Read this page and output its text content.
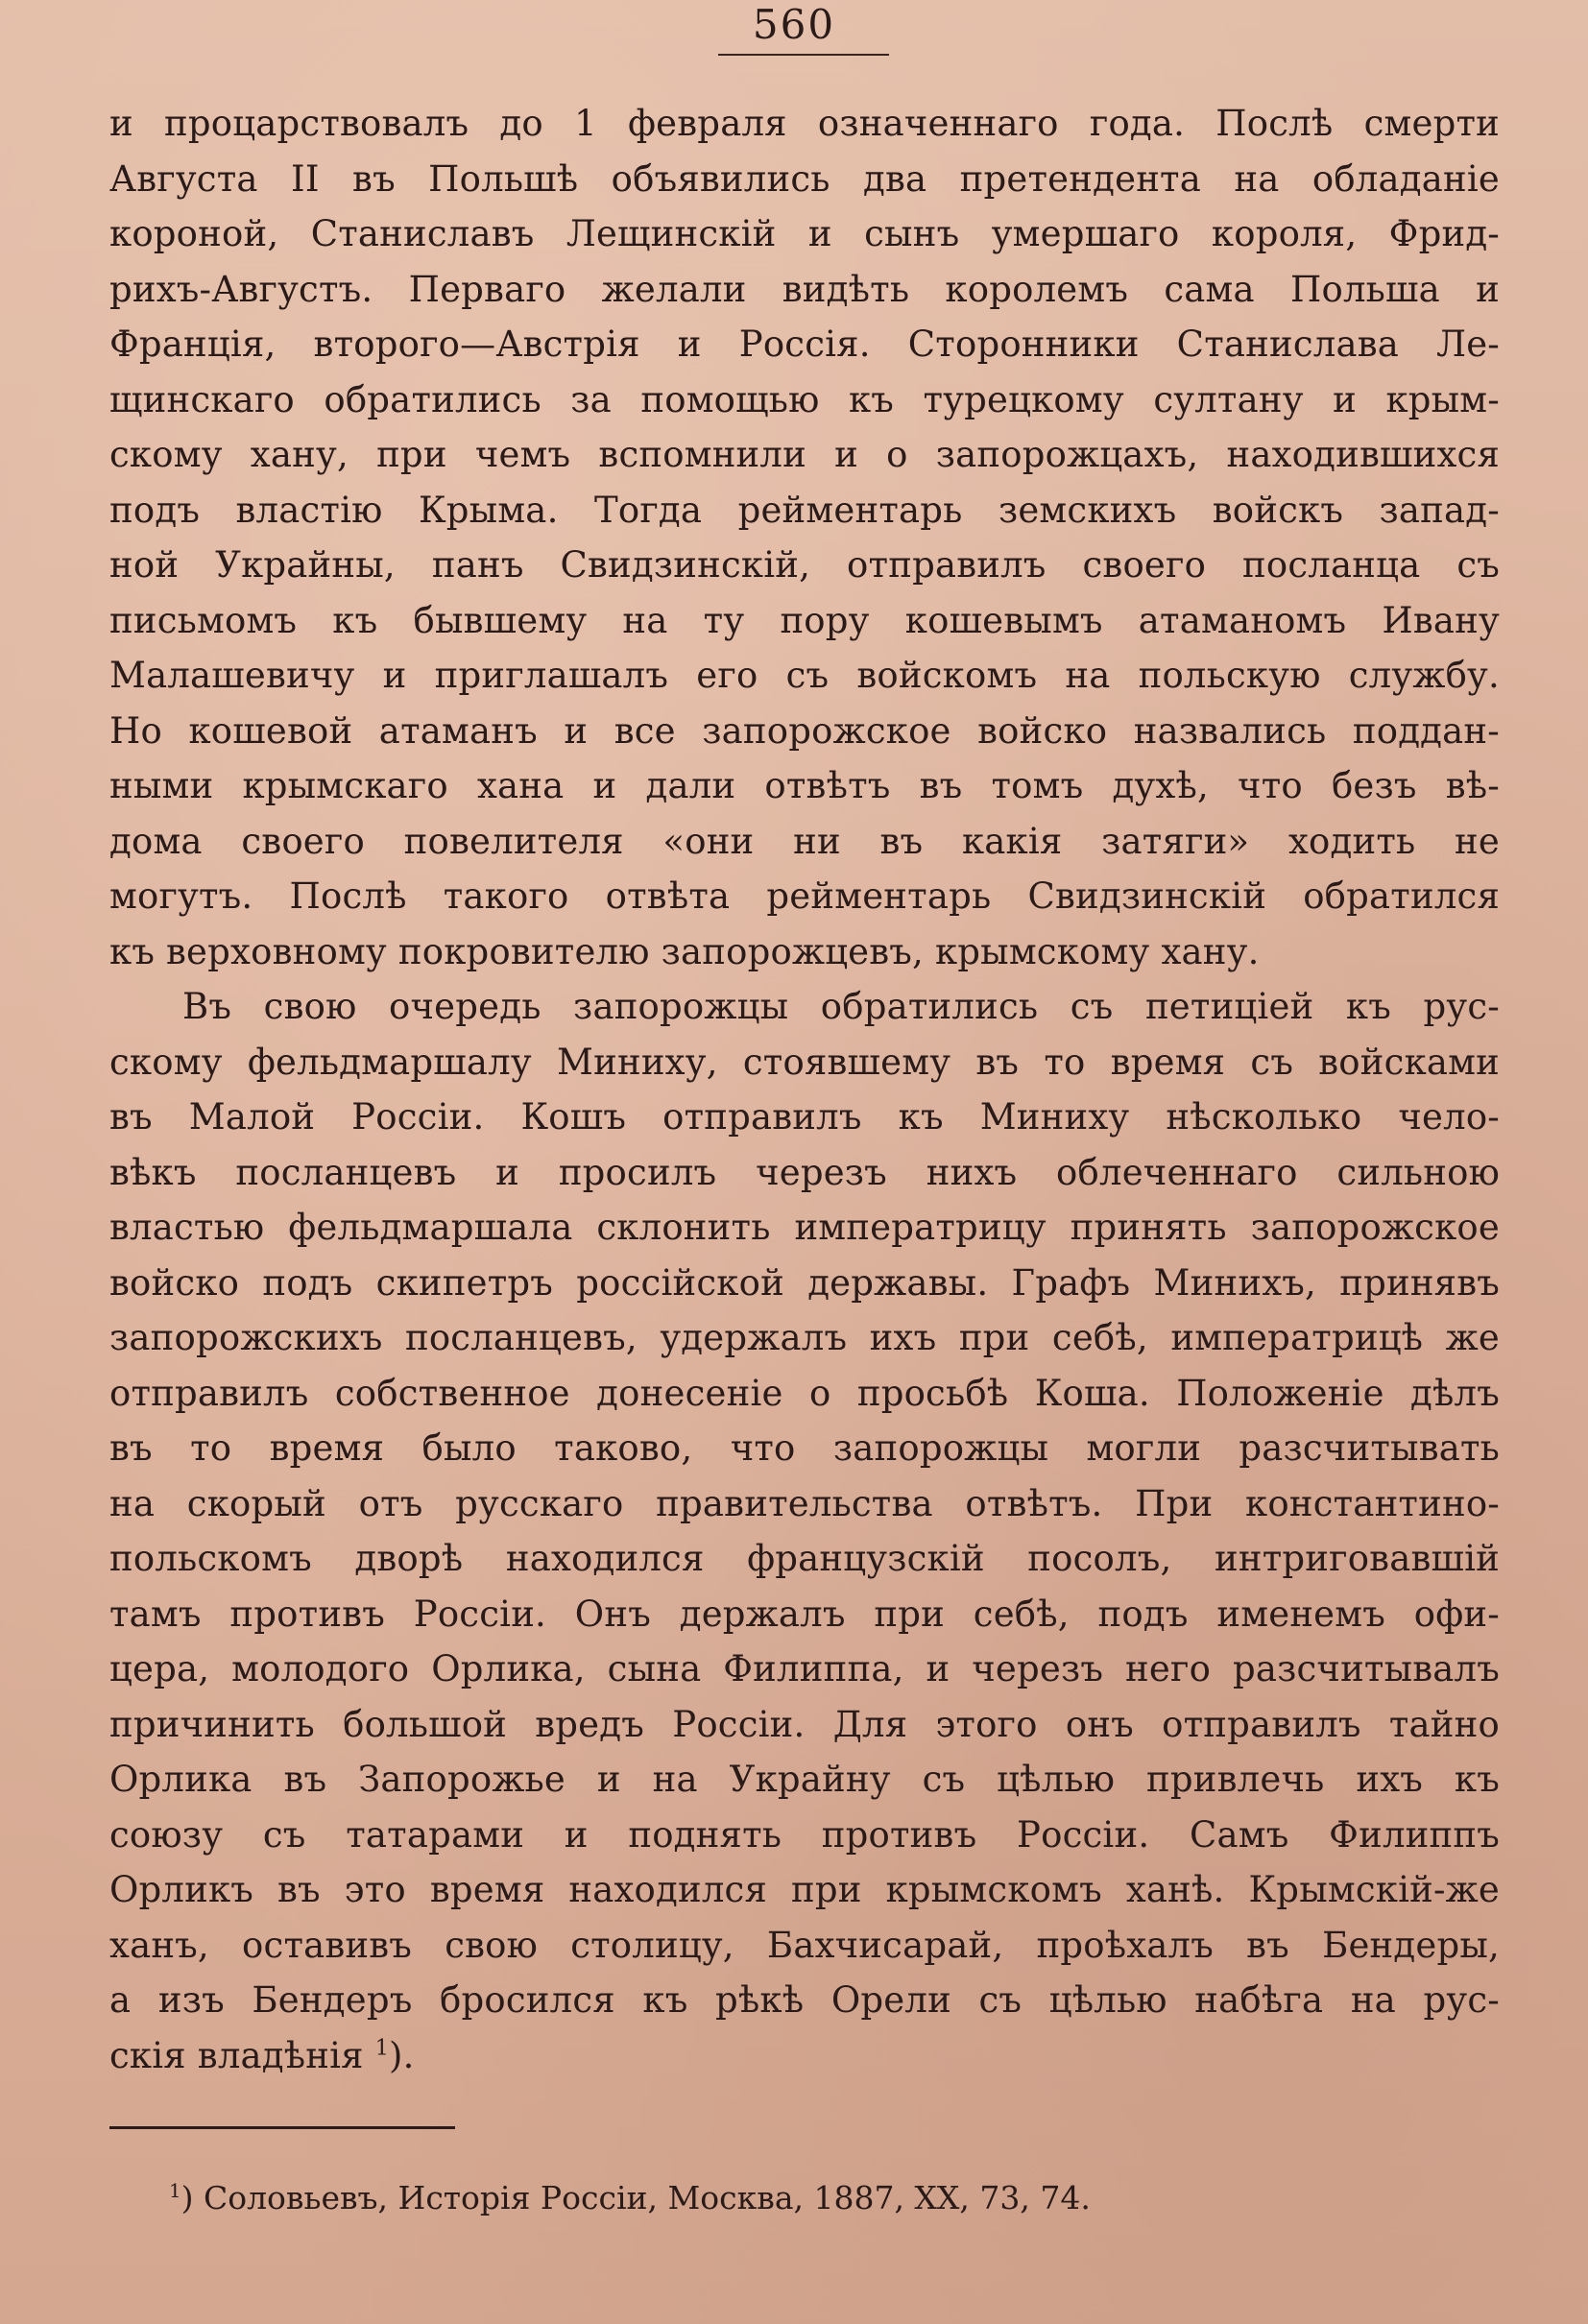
560
и процарствовалъ до 1 февраля означеннаго года. Послѣ смерти
Августа II въ Польшѣ объявились два претендента на обладаніе
короной, Станиславъ Лещинскій и сынъ умершаго короля, Фрид-
рихъ-Августъ. Перваго желали видѣть королемъ сама Польша и
Франція, второго—Австрія и Россія. Сторонники Станислава Ле-
щинскаго обратились за помощью къ турецкому султану и крым-
скому хану, при чемъ вспомнили и о запорожцахъ, находившихся
подъ властію Крыма. Тогда рейментарь земскихъ войскъ запад-
ной Украйны, панъ Свидзинскій, отправилъ своего посланца съ
письмомъ къ бывшему на ту пору кошевымъ атаманомъ Ивану
Малашевичу и приглашалъ его съ войскомъ на польскую службу.
Но кошевой атаманъ и все запорожское войско назвались поддан-
ными крымскаго хана и дали отвѣтъ въ томъ духѣ, что безъ вѣ-
дома своего повелителя «они ни въ какія затяги» ходить не
могутъ. Послѣ такого отвѣта рейментарь Свидзинскій обратился
къ верховному покровителю запорожцевъ, крымскому хану.
Въ свою очередь запорожцы обратились съ петиціей къ рус-
скому фельдмаршалу Миниху, стоявшему въ то время съ войсками
въ Малой Россіи. Кошъ отправилъ къ Миниху нѣсколько чело-
вѣкъ посланцевъ и просилъ черезъ нихъ облеченнаго сильною
властью фельдмаршала склонить императрицу принять запорожское
войско подъ скипетръ россійской державы. Графъ Минихъ, принявъ
запорожскихъ посланцевъ, удержалъ ихъ при себѣ, императрицѣ же
отправилъ собственное донесеніе о просьбѣ Коша. Положеніе дѣлъ
въ то время было таково, что запорожцы могли разсчитывать
на скорый отъ русскаго правительства отвѣтъ. При константино-
польскомъ дворѣ находился французскій посолъ, интриговавшій
тамъ противъ Россіи. Онъ держалъ при себѣ, подъ именемъ офи-
цера, молодого Орлика, сына Филиппа, и черезъ него разсчитывалъ
причинить большой вредъ Россіи. Для этого онъ отправилъ тайно
Орлика въ Запорожье и на Украйну съ цѣлью привлечь ихъ къ
союзу съ татарами и поднять противъ Россіи. Самъ Филиппъ
Орликъ въ это время находился при крымскомъ ханѣ. Крымскій-же
ханъ, оставивъ свою столицу, Бахчисарай, проѣхалъ въ Бендеры,
а изъ Бендеръ бросился къ рѣкѣ Орели съ цѣлью набѣга на рус-
скія владѣнія $^1$).
$^1$) Соловьевъ, Исторія Россіи, Москва, 1887, XX, 73, 74.
